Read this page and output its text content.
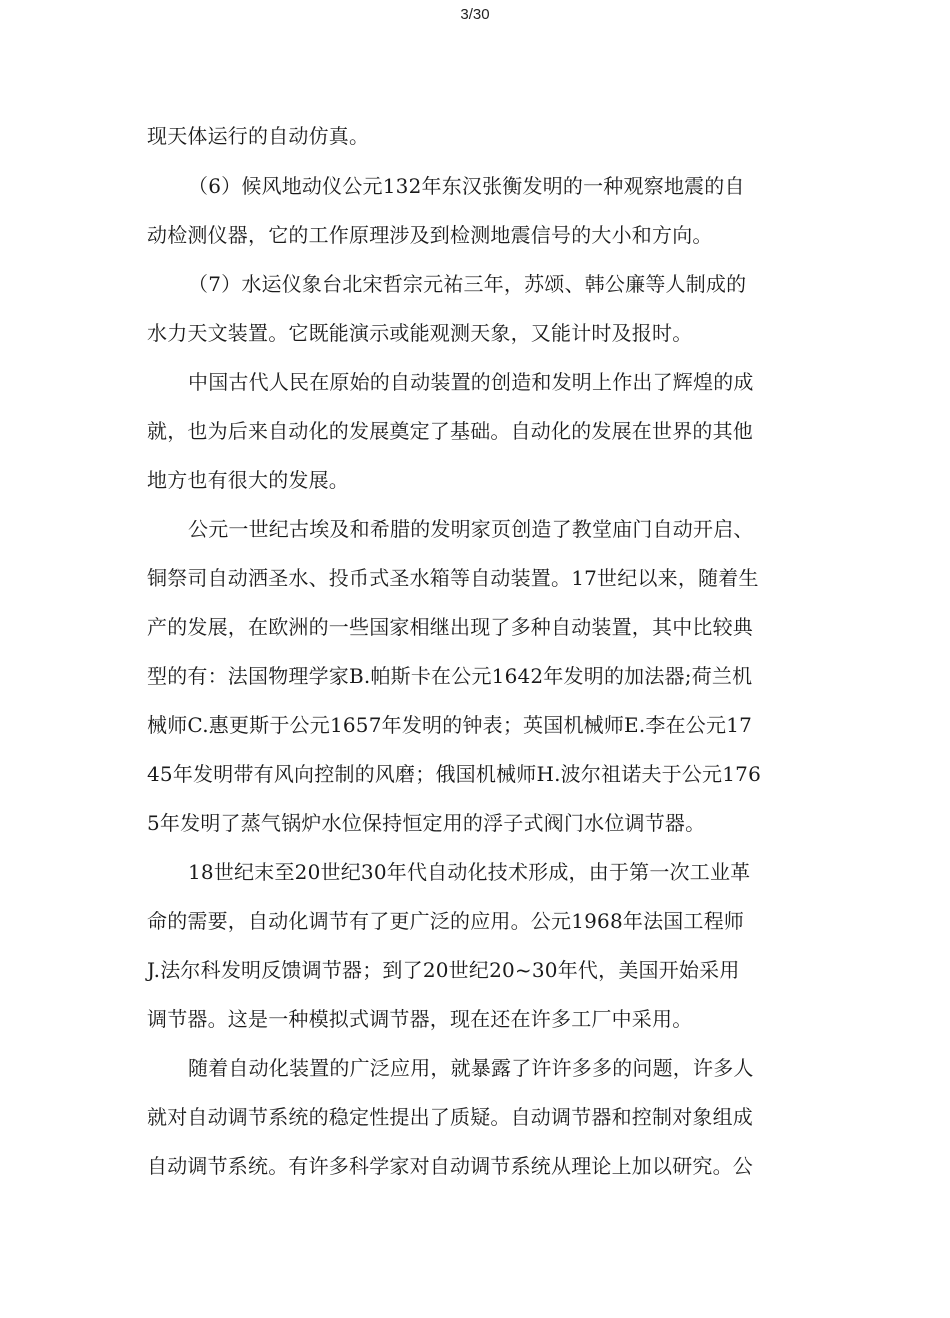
3/30
现天体运行的自动仿真。
（6）候风地动仪公元132年东汉张衡发明的一种观察地震的自
动检测仪器，它的工作原理涉及到检测地震信号的大小和方向。
（7）水运仪象台北宋哲宗元祐三年，苏颂、韩公廉等人制成的
水力天文装置。它既能演示或能观测天象，又能计时及报时。
中国古代人民在原始的自动装置的创造和发明上作出了辉煌的成
就，也为后来自动化的发展奠定了基础。自动化的发展在世界的其他
地方也有很大的发展。
公元一世纪古埃及和希腊的发明家页创造了教堂庙门自动开启、
铜祭司自动洒圣水、投币式圣水箱等自动装置。17世纪以来，随着生
产的发展，在欧洲的一些国家相继出现了多种自动装置，其中比较典
型的有：法国物理学家B.帕斯卡在公元1642年发明的加法器;荷兰机
械师C.惠更斯于公元1657年发明的钟表；英国机械师E.李在公元17
45年发明带有风向控制的风磨；俄国机械师H.波尔祖诺夫于公元176
5年发明了蒸气锅炉水位保持恒定用的浮子式阀门水位调节器。
18世纪末至20世纪30年代自动化技术形成，由于第一次工业革
命的需要，自动化调节有了更广泛的应用。公元1968年法国工程师
J.法尔科发明反馈调节器；到了20世纪20~30年代，美国开始采用
调节器。这是一种模拟式调节器，现在还在许多工厂中采用。
随着自动化装置的广泛应用，就暴露了许许多多的问题，许多人
就对自动调节系统的稳定性提出了质疑。自动调节器和控制对象组成
自动调节系统。有许多科学家对自动调节系统从理论上加以研究。公
